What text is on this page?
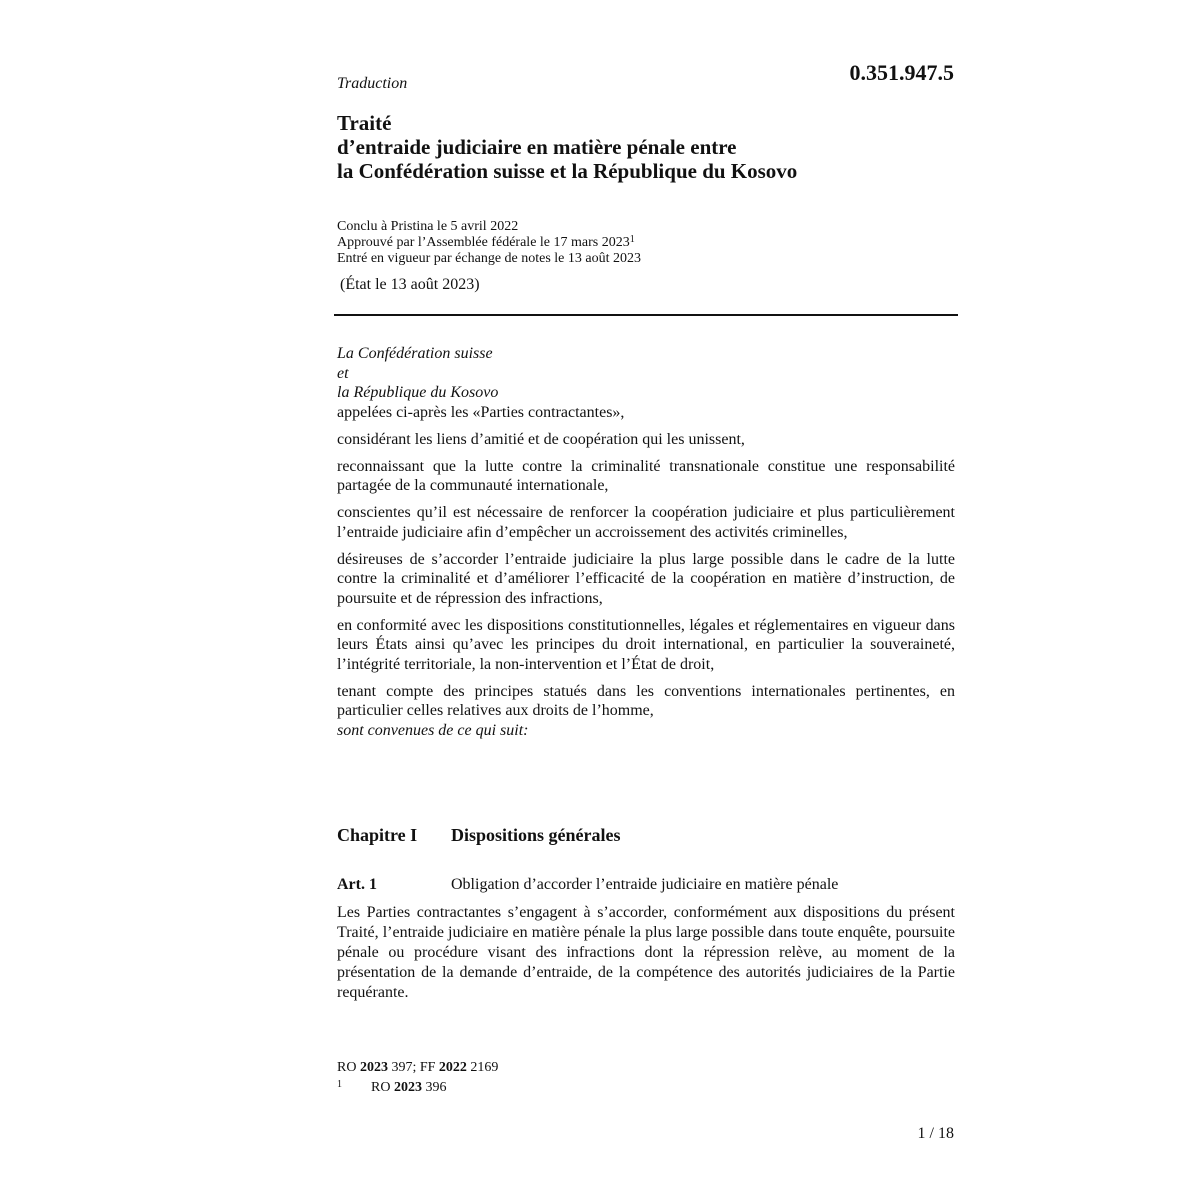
Traduction	0.351.947.5
Traité
d’entraide judiciaire en matière pénale entre
la Confédération suisse et la République du Kosovo
Conclu à Pristina le 5 avril 2022
Approuvé par l’Assemblée fédérale le 17 mars 2023$^1$
Entré en vigueur par échange de notes le 13 août 2023
(État le 13 août 2023)

La Confédération suisse

et

la République du Kosovo

appelées ci-après les «Parties contractantes»,

considérant les liens d’amitié et de coopération qui les unissent,

reconnaissant que la lutte contre la criminalité transnationale constitue une responsabilité partagée de la communauté internationale,

conscientes qu’il est nécessaire de renforcer la coopération judiciaire et plus particulièrement l’entraide judiciaire afin d’empêcher un accroissement des activités criminelles,

désireuses de s’accorder l’entraide judiciaire la plus large possible dans le cadre de la lutte contre la criminalité et d’améliorer l’efficacité de la coopération en matière d’instruction, de poursuite et de répression des infractions,

en conformité avec les dispositions constitutionnelles, légales et réglementaires en vigueur dans leurs États ainsi qu’avec les principes du droit international, en particulier la souveraineté, l’intégrité territoriale, la non-intervention et l’État de droit,

tenant compte des principes statués dans les conventions internationales pertinentes, en particulier celles relatives aux droits de l’homme,

sont convenues de ce qui suit:

Chapitre I Dispositions générales
Art. 1	Obligation d’accorder l’entraide judiciaire en matière pénale
Les Parties contractantes s’engagent à s’accorder, conformément aux dispositions du présent Traité, l’entraide judiciaire en matière pénale la plus large possible dans toute enquête, poursuite pénale ou procédure visant des infractions dont la répression relève, au moment de la présentation de la demande d’entraide, de la compétence des autorités judiciaires de la Partie requérante.
RO 2023 397; FF 2022 2169
1 RO 2023 396
1 / 18
